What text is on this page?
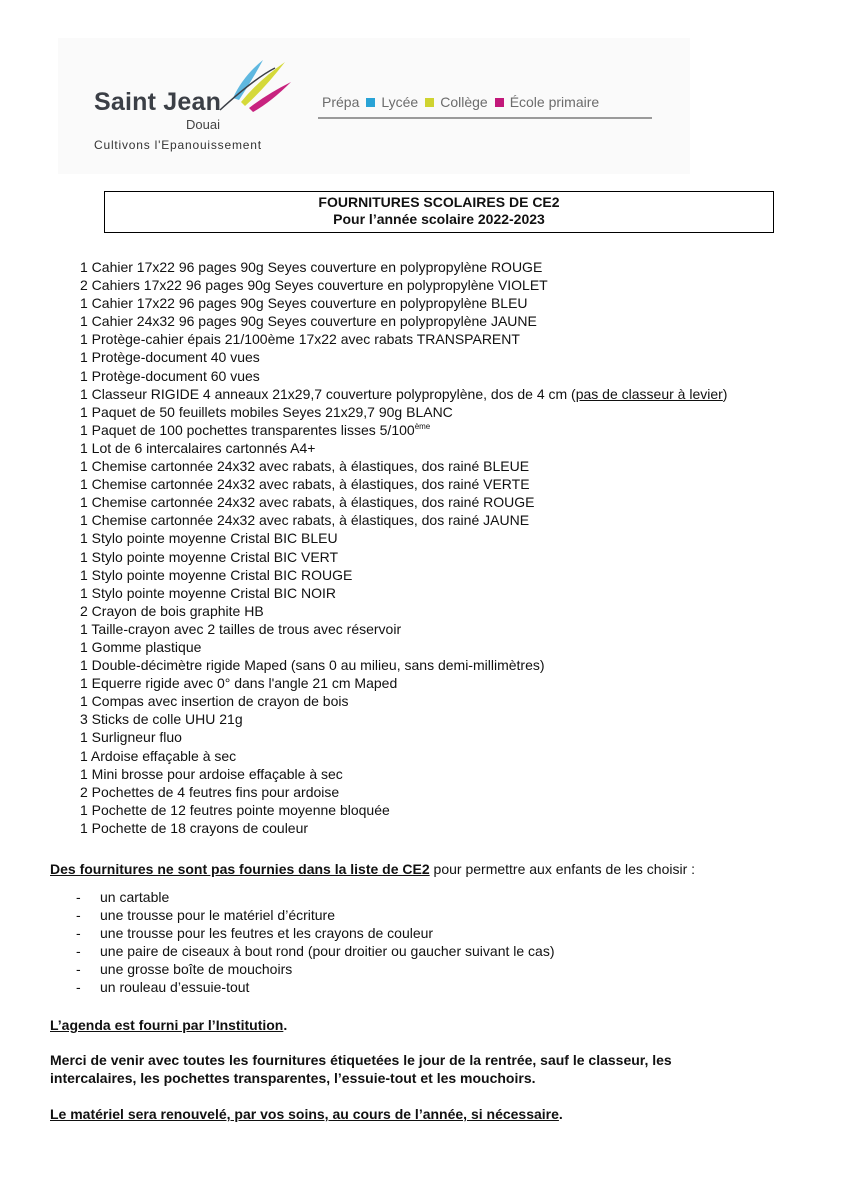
Saint Jean
Douai
Cultivons l'Epanouissement
Prépa Lycée Collège École primaire
FOURNITURES SCOLAIRES DE CE2
Pour l’année scolaire 2022-2023
1 Cahier 17x22 96 pages 90g Seyes couverture en polypropylène ROUGE
2 Cahiers 17x22 96 pages 90g Seyes couverture en polypropylène VIOLET
1 Cahier 17x22 96 pages 90g Seyes couverture en polypropylène BLEU
1 Cahier 24x32 96 pages 90g Seyes couverture en polypropylène JAUNE
1 Protège-cahier épais 21/100ème 17x22 avec rabats TRANSPARENT
1 Protège-document 40 vues
1 Protège-document 60 vues
1 Classeur RIGIDE 4 anneaux 21x29,7 couverture polypropylène, dos de 4 cm (pas de classeur à levier)
1 Paquet de 50 feuillets mobiles Seyes 21x29,7 90g BLANC
1 Paquet de 100 pochettes transparentes lisses 5/100ème
1 Lot de 6 intercalaires cartonnés A4+
1 Chemise cartonnée 24x32 avec rabats, à élastiques, dos rainé BLEUE
1 Chemise cartonnée 24x32 avec rabats, à élastiques, dos rainé VERTE
1 Chemise cartonnée 24x32 avec rabats, à élastiques, dos rainé ROUGE
1 Chemise cartonnée 24x32 avec rabats, à élastiques, dos rainé JAUNE
1 Stylo pointe moyenne Cristal BIC BLEU
1 Stylo pointe moyenne Cristal BIC VERT
1 Stylo pointe moyenne Cristal BIC ROUGE
1 Stylo pointe moyenne Cristal BIC NOIR
2 Crayon de bois graphite HB
1 Taille-crayon avec 2 tailles de trous avec réservoir
1 Gomme plastique
1 Double-décimètre rigide Maped (sans 0 au milieu, sans demi-millimètres)
1 Equerre rigide avec 0° dans l'angle 21 cm Maped
1 Compas avec insertion de crayon de bois
3 Sticks de colle UHU 21g
1 Surligneur fluo
1 Ardoise effaçable à sec
1 Mini brosse pour ardoise effaçable à sec
2 Pochettes de 4 feutres fins pour ardoise
1 Pochette de 12 feutres pointe moyenne bloquée
1 Pochette de 18 crayons de couleur
Des fournitures ne sont pas fournies dans la liste de CE2 pour permettre aux enfants de les choisir :
- un cartable
- une trousse pour le matériel d’écriture
- une trousse pour les feutres et les crayons de couleur
- une paire de ciseaux à bout rond (pour droitier ou gaucher suivant le cas)
- une grosse boîte de mouchoirs
- un rouleau d’essuie-tout
L’agenda est fourni par l’Institution.
Merci de venir avec toutes les fournitures étiquetées le jour de la rentrée, sauf le classeur, les
intercalaires, les pochettes transparentes, l’essuie-tout et les mouchoirs.
Le matériel sera renouvelé, par vos soins, au cours de l’année, si nécessaire.
